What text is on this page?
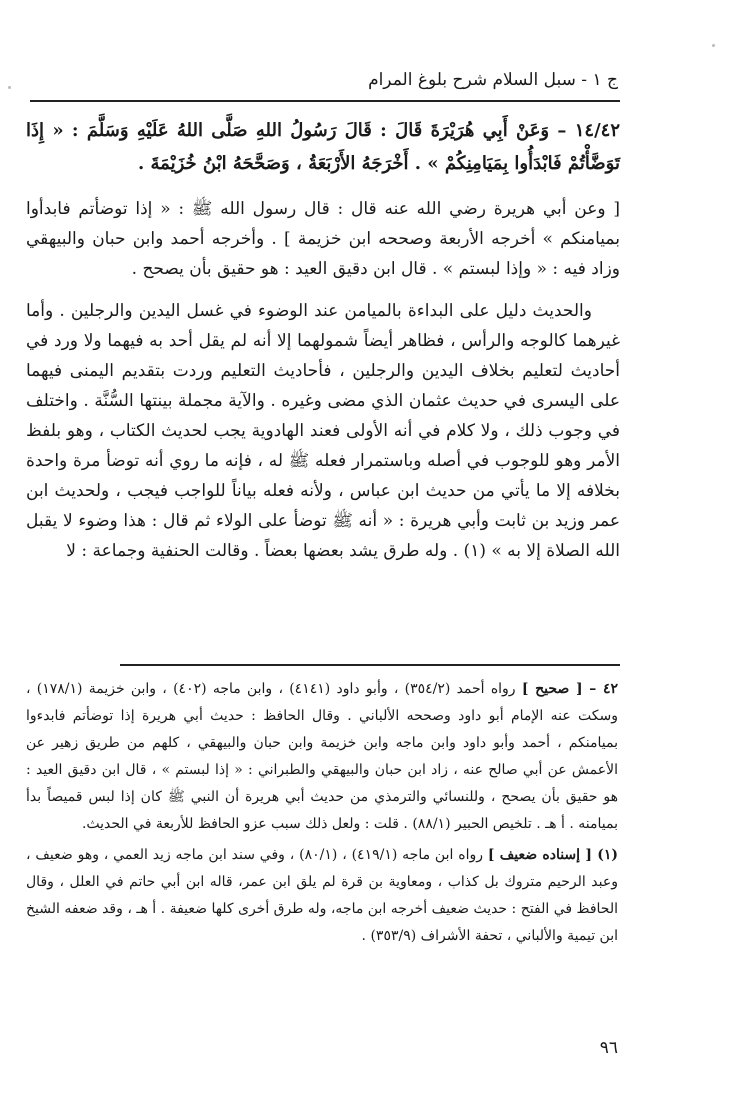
ج ١ - سبل السلام شرح بلوغ المرام

١٤/٤٢ – وَعَنْ أَبِي هُرَيْرَةَ قَالَ : قَالَ رَسُولُ اللهِ صَلَّى اللهُ عَلَيْهِ وَسَلَّمَ : « إِذَا تَوَضَّأْتُمْ فَابْدَأُوا بِمَيَامِنِكُمْ » . أَخْرَجَهُ الأَرْبَعَةُ ، وَصَحَّحَهُ ابْنُ خُزَيْمَةَ .

[ وعن أبي هريرة رضي الله عنه قال : قال رسول الله ﷺ : « إذا توضأتم فابدأوا بميامنكم » أخرجه الأربعة وصححه ابن خزيمة ] . وأخرجه أحمد وابن حبان والبيهقي وزاد فيه : « وإذا لبستم » . قال ابن دقيق العيد : هو حقيق بأن يصحح .

والحديث دليل على البداءة بالميامن عند الوضوء في غسل اليدين والرجلين . وأما غيرهما كالوجه والرأس ، فظاهر أيضاً شمولهما إلا أنه لم يقل أحد به فيهما ولا ورد في أحاديث لتعليم بخلاف اليدين والرجلين ، فأحاديث التعليم وردت بتقديم اليمنى فيهما على اليسرى في حديث عثمان الذي مضى وغيره . والآية مجملة بينتها السُّنَّة . واختلف في وجوب ذلك ، ولا كلام في أنه الأولى فعند الهادوية يجب لحديث الكتاب ، وهو بلفظ الأمر وهو للوجوب في أصله وباستمرار فعله ﷺ له ، فإنه ما روي أنه توضأ مرة واحدة بخلافه إلا ما يأتي من حديث ابن عباس ، ولأنه فعله بياناً للواجب فيجب ، ولحديث ابن عمر وزيد بن ثابت وأبي هريرة : « أنه ﷺ توضأ على الولاء ثم قال : هذا وضوء لا يقبل الله الصلاة إلا به » (١) . وله طرق يشد بعضها بعضاً . وقالت الحنفية وجماعة : لا

٤٢ – [ صحيح ] رواه أحمد (٣٥٤/٢) ، وأبو داود (٤١٤١) ، وابن ماجه (٤٠٢) ، وابن خزيمة (١٧٨/١) ، وسكت عنه الإمام أبو داود وصححه الألباني . وقال الحافظ : حديث أبي هريرة إذا توضأتم فابدءوا بميامنكم ، أحمد وأبو داود وابن ماجه وابن خزيمة وابن حبان والبيهقي ، كلهم من طريق زهير عن الأعمش عن أبي صالح عنه ، زاد ابن حبان والبيهقي والطبراني : « إذا لبستم » ، قال ابن دقيق العيد : هو حقيق بأن يصحح ، وللنسائي والترمذي من حديث أبي هريرة أن النبي ﷺ كان إذا لبس قميصاً بدأ بميامنه . أ هـ . تلخيص الحبير (٨٨/١) . قلت : ولعل ذلك سبب عزو الحافظ للأربعة في الحديث.

(١) [ إسناده ضعيف ] رواه ابن ماجه (٤١٩/١) ، (٨٠/١) ، وفي سند ابن ماجه زيد العمي ، وهو ضعيف ، وعبد الرحيم متروك بل كذاب ، ومعاوية بن قرة لم يلق ابن عمر، قاله ابن أبي حاتم في العلل ، وقال الحافظ في الفتح : حديث ضعيف أخرجه ابن ماجه، وله طرق أخرى كلها ضعيفة . أ هـ ، وقد ضعفه الشيخ ابن تيمية والألباني ، تحفة الأشراف (٣٥٣/٩) .

٩٦
